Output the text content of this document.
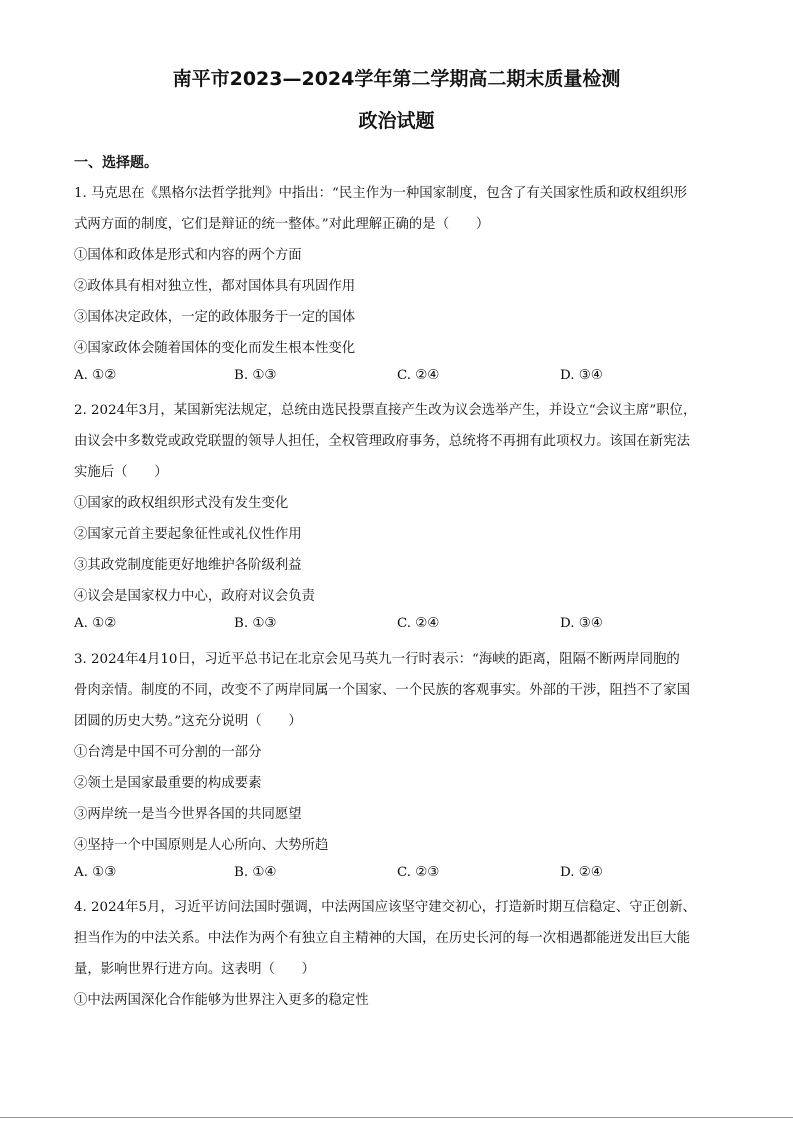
南平市2023—2024学年第二学期高二期末质量检测
政治试题
一、选择题。
1. 马克思在《黑格尔法哲学批判》中指出：“民主作为一种国家制度，包含了有关国家性质和政权组织形
式两方面的制度，它们是辩证的统一整体。”对此理解正确的是（　　）
①国体和政体是形式和内容的两个方面
②政体具有相对独立性，都对国体具有巩固作用
③国体决定政体，一定的政体服务于一定的国体
④国家政体会随着国体的变化而发生根本性变化
A. ①②	B. ①③	C. ②④	D. ③④
2. 2024年3月，某国新宪法规定，总统由选民投票直接产生改为议会选举产生，并设立“会议主席”职位，
由议会中多数党或政党联盟的领导人担任，全权管理政府事务，总统将不再拥有此项权力。该国在新宪法
实施后（　　）
①国家的政权组织形式没有发生变化
②国家元首主要起象征性或礼仪性作用
③其政党制度能更好地维护各阶级利益
④议会是国家权力中心，政府对议会负责
A. ①②	B. ①③	C. ②④	D. ③④
3. 2024年4月10日，习近平总书记在北京会见马英九一行时表示：“海峡的距离，阻隔不断两岸同胞的
骨肉亲情。制度的不同，改变不了两岸同属一个国家、一个民族的客观事实。外部的干涉，阻挡不了家国
团圆的历史大势。”这充分说明（　　）
①台湾是中国不可分割的一部分
②领土是国家最重要的构成要素
③两岸统一是当今世界各国的共同愿望
④坚持一个中国原则是人心所向、大势所趋
A. ①③	B. ①④	C. ②③	D. ②④
4. 2024年5月，习近平访问法国时强调，中法两国应该坚守建交初心，打造新时期互信稳定、守正创新、
担当作为的中法关系。中法作为两个有独立自主精神的大国，在历史长河的每一次相遇都能迸发出巨大能
量，影响世界行进方向。这表明（　　）
①中法两国深化合作能够为世界注入更多的稳定性
